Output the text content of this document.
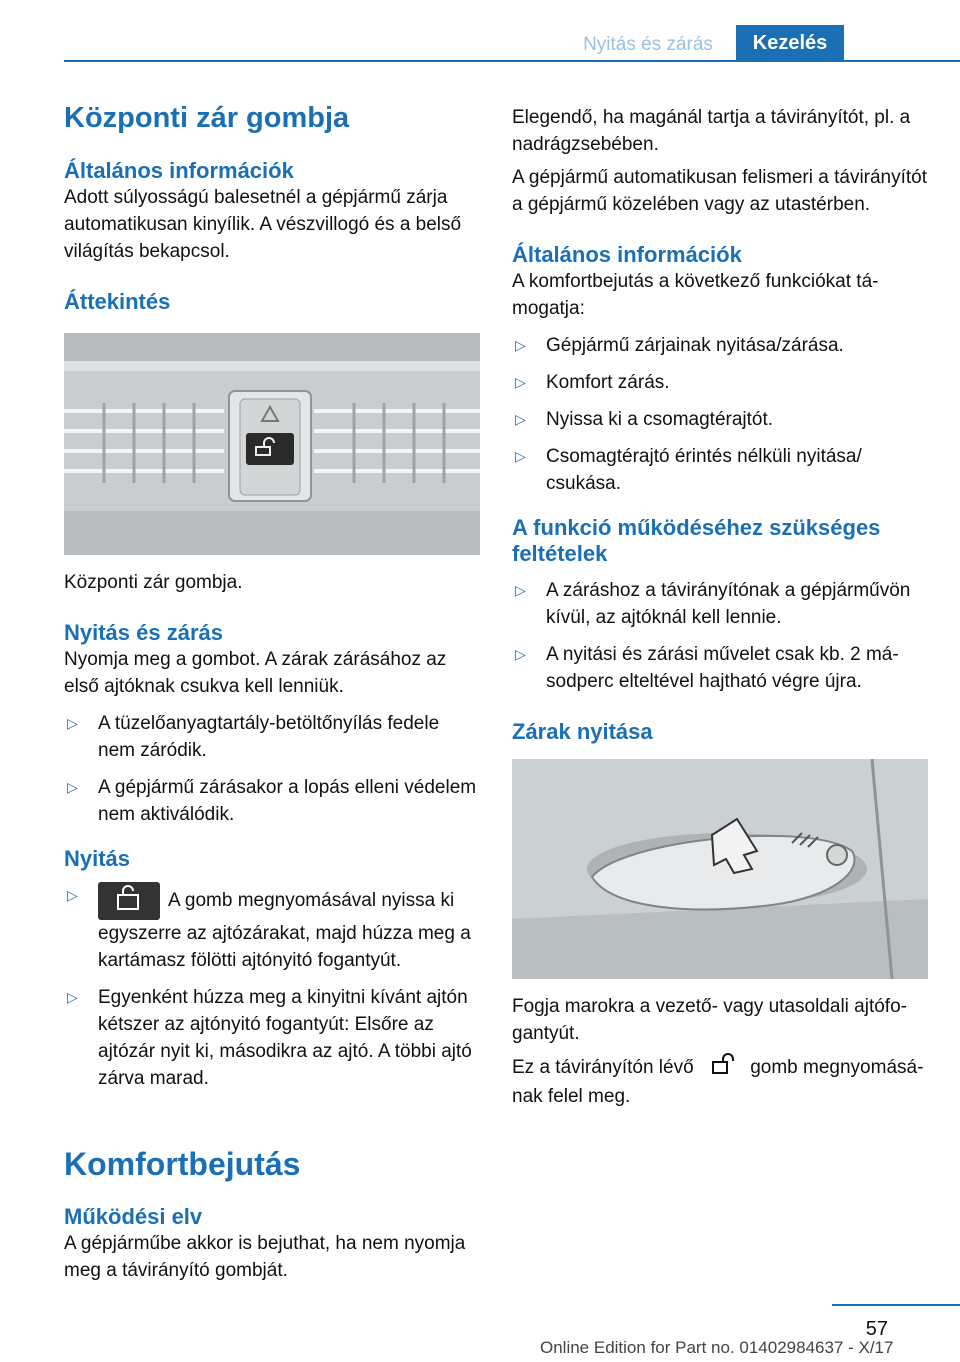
Nyitás és zárás	Kezelés
Központi zár gombja
Általános információk

Adott súlyosságú balesetnél a gépjármű zárja automatikusan kinyílik. A vészvillogó és a belső világítás bekapcsol.

Áttekintés

Központi zár gombja.

Nyitás és zárás

Nyomja meg a gombot. A zárak zárásához az első ajtóknak csukva kell lenniük.

▷ A tüzelőanyagtartály-betöltőnyílás fedele nem záródik.
▷ A gépjármű zárásakor a lopás elleni védelem nem aktiválódik.
Nyitás
▷	A gomb megnyomásával nyissa ki egyszerre az ajtózárakat, majd húzza meg a kartámasz fölötti ajtónyitó fogantyút.
▷ Egyenként húzza meg a kinyitni kívánt ajtón kétszer az ajtónyitó fogantyút: Elsőre az ajtózár nyit ki, másodikra az ajtó. A többi ajtó zárva marad.
Komfortbejutás
Működési elv

A gépjárműbe akkor is bejuthat, ha nem nyomja meg a távirányító gombját.

Elegendő, ha magánál tartja a távirányítót, pl. a nadrágzsebében.

A gépjármű automatikusan felismeri a távirányítót a gépjármű közelében vagy az utastérben.

Általános információk

A komfortbejutás a következő funkciókat támogatja:

▷ Gépjármű zárjainak nyitása/zárása.
▷ Komfort zárás.
▷ Nyissa ki a csomagtérajtót.
▷ Csomagtérajtó érintés nélküli nyitása/ csukása.
A funkció működéséhez szükséges feltételek
▷ A záráshoz a távirányítónak a gépjárművön kívül, az ajtóknál kell lennie.
▷ A nyitási és zárási művelet csak kb. 2 másodperc elteltével hajtható végre újra.
Zárak nyitása

Fogja marokra a vezető- vagy utasoldali ajtófogantyút.

Ez a távirányítón lévő	gomb megnyomásának felel meg.

57
Online Edition for Part no. 01402984637 - X/17
